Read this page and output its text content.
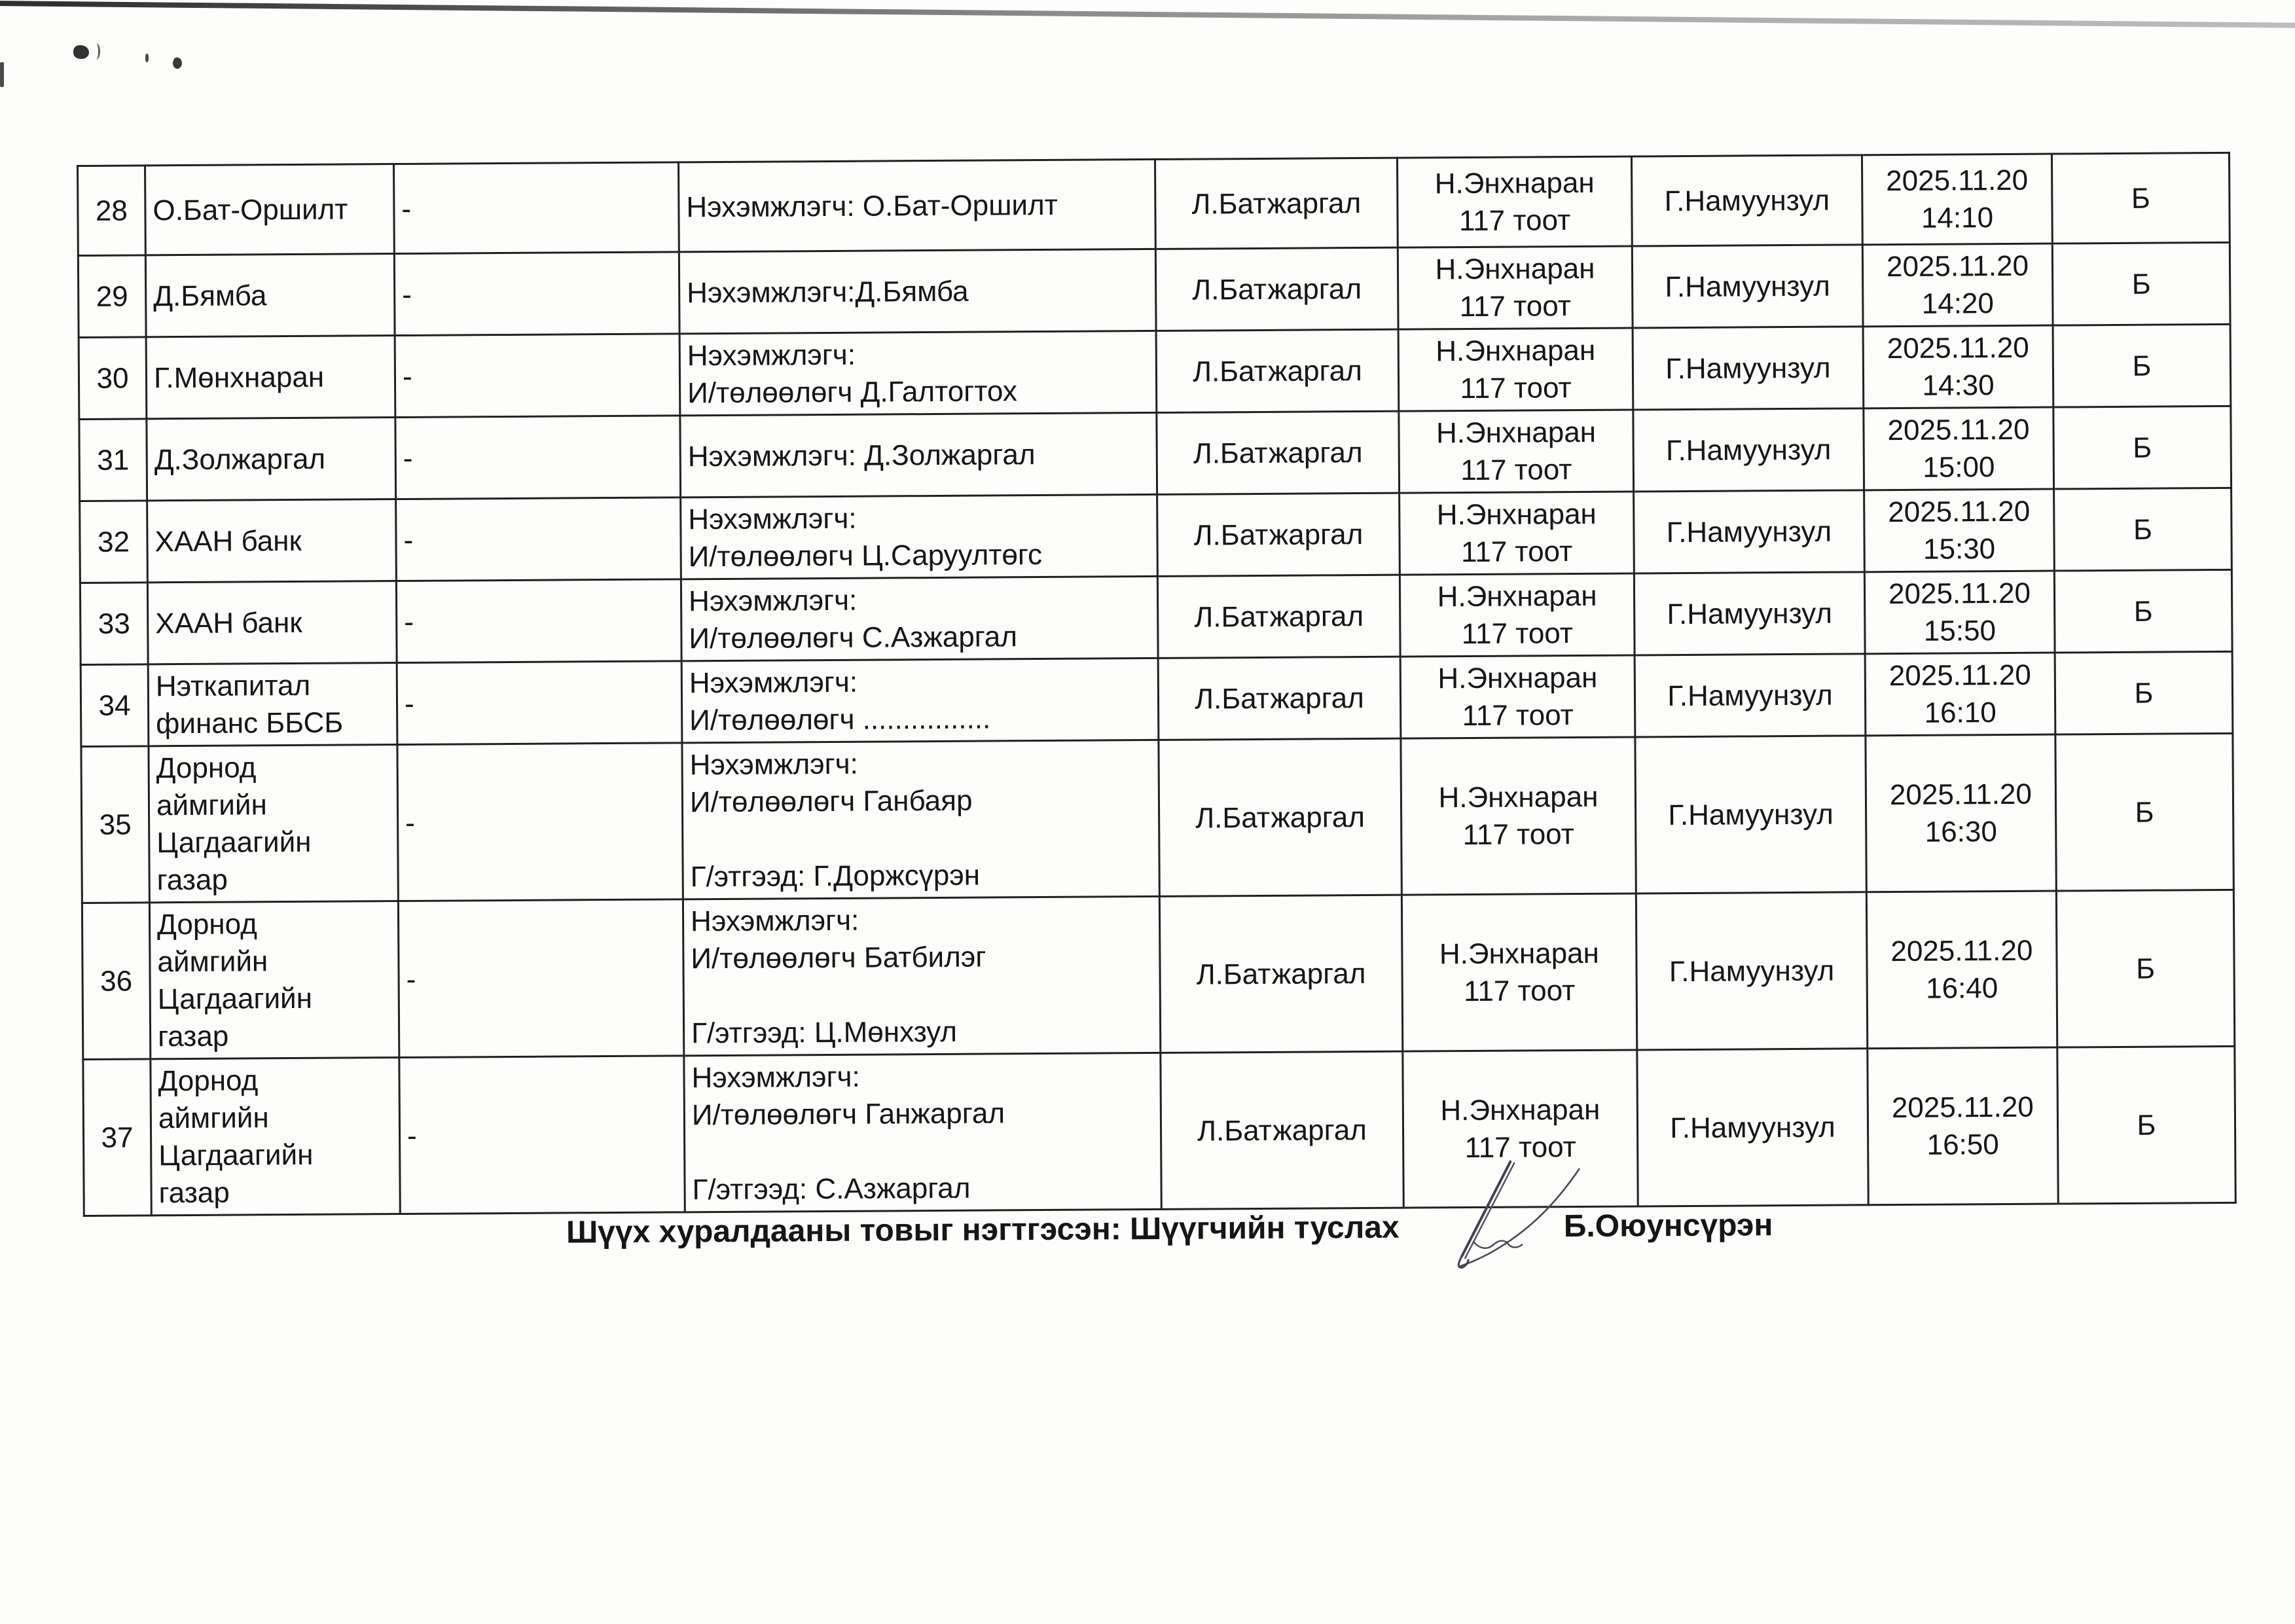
28	О.Бат-Оршилт	-	Нэхэмжлэгч: О.Бат-Оршилт	Л.Батжаргал	Н.Энхнаран
117 тоот	Г.Намуунзул	2025.11.20
14:10	Б
29	Д.Бямба	-	Нэхэмжлэгч:Д.Бямба	Л.Батжаргал	Н.Энхнаран
117 тоот	Г.Намуунзул	2025.11.20
14:20	Б
30	Г.Мөнхнаран	-	Нэхэмжлэгч:
И/төлөөлөгч Д.Галтогтох	Л.Батжаргал	Н.Энхнаран
117 тоот	Г.Намуунзул	2025.11.20
14:30	Б
31	Д.Золжаргал	-	Нэхэмжлэгч: Д.Золжаргал	Л.Батжаргал	Н.Энхнаран
117 тоот	Г.Намуунзул	2025.11.20
15:00	Б
32	ХААН банк	-	Нэхэмжлэгч:
И/төлөөлөгч Ц.Саруултөгс	Л.Батжаргал	Н.Энхнаран
117 тоот	Г.Намуунзул	2025.11.20
15:30	Б
33	ХААН банк	-	Нэхэмжлэгч:
И/төлөөлөгч С.Азжаргал	Л.Батжаргал	Н.Энхнаран
117 тоот	Г.Намуунзул	2025.11.20
15:50	Б
34	Нэткапитал
финанс ББСБ	-	Нэхэмжлэгч:
И/төлөөлөгч ................	Л.Батжаргал	Н.Энхнаран
117 тоот	Г.Намуунзул	2025.11.20
16:10	Б
35	Дорнод
аймгийн
Цагдаагийн
газар	-	Нэхэмжлэгч:
И/төлөөлөгч Ганбаяр

Г/этгээд: Г.Доржсүрэн	Л.Батжаргал	Н.Энхнаран
117 тоот	Г.Намуунзул	2025.11.20
16:30	Б
36	Дорнод
аймгийн
Цагдаагийн
газар	-	Нэхэмжлэгч:
И/төлөөлөгч Батбилэг

Г/этгээд: Ц.Мөнхзул	Л.Батжаргал	Н.Энхнаран
117 тоот	Г.Намуунзул	2025.11.20
16:40	Б
37	Дорнод
аймгийн
Цагдаагийн
газар	-	Нэхэмжлэгч:
И/төлөөлөгч Ганжаргал

Г/этгээд: С.Азжаргал	Л.Батжаргал	Н.Энхнаран
117 тоот	Г.Намуунзул	2025.11.20
16:50	Б
Шүүх хуралдааны товыг нэгтгэсэн: Шүүгчийн туслах	Б.Оюунсүрэн
